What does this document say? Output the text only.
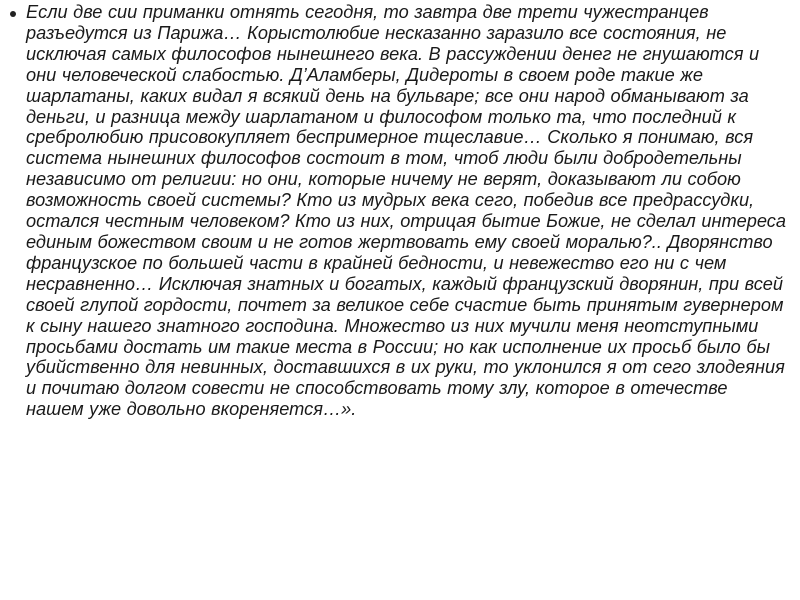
Если две сии приманки отнять сегодня, то завтра две трети чужестранцев разъедутся из Парижа… Корыстолюбие несказанно заразило все состояния, не исключая самых философов нынешнего века. В рассуждении денег не гнушаются и они человеческой слабостью. Д’Аламберы, Дидероты в своем роде такие же шарлатаны, каких видал я всякий день на бульваре; все они народ обманывают за деньги, и разница между шарлатаном и философом только та, что последний к сребролюбию присовокупляет беспримерное тщеславие… Сколько я понимаю, вся система нынешних философов состоит в том, чтоб люди были добродетельны независимо от религии: но они, которые ничему не верят, доказывают ли собою возможность своей системы? Кто из мудрых века сего, победив все предрассудки, остался честным человеком? Кто из них, отрицая бытие Божие, не сделал интереса единым божеством своим и не готов жертвовать ему своей моралью?.. Дворянство французское по большей части в крайней бедности, и невежество его ни с чем несравненно… Исключая знатных и богатых, каждый французский дворянин, при всей своей глупой гордости, почтет за великое себе счастие быть принятым гувернером к сыну нашего знатного господина. Множество из них мучили меня неотступными просьбами достать им такие места в России; но как исполнение их просьб было бы убийственно для невинных, доставшихся в их руки, то уклонился я от сего злодеяния и почитаю долгом совести не способствовать тому злу, которое в отечестве нашем уже довольно вкореняется…».
